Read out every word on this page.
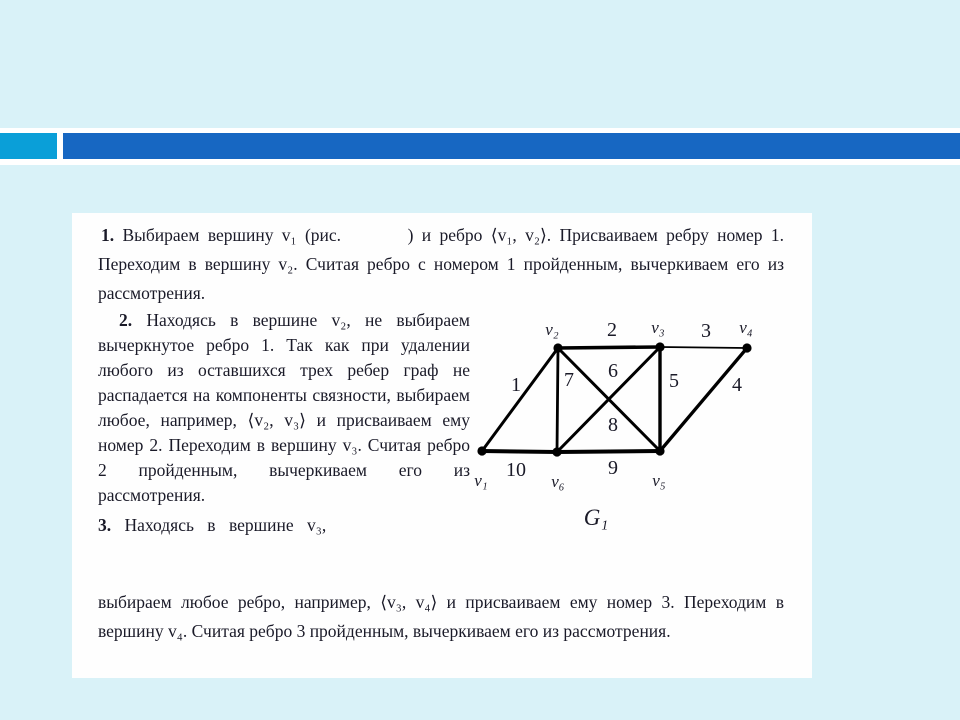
1. Выбираем вершину v₁ (рис.        ) и ребро ⟨v₁, v₂⟩. Присваиваем ребру номер 1. Переходим в вершину v₂. Считая ребро с номером 1 пройденным, вычеркиваем его из рассмотрения.

2. Находясь в вершине v₂, не выбираем вычеркнутое ребро 1. Так как при удалении любого из оставшихся трех ребер граф не распадается на компоненты связности, выбираем любое, например, ⟨v₂, v₃⟩ и присваиваем ему номер 2. Переходим в вершину v₃. Считая ребро 2 пройденным, вычеркиваем его из рассмотрения.

3. Находясь в вершине v₃,

1
2	3
4
5
6
7
8
9
10
v₁
v₂	v₃	v₄
v₅
v₆
G₁

выбираем любое ребро, например, ⟨v₃, v₄⟩ и присваиваем ему номер 3. Переходим в вершину v₄. Считая ребро 3 пройденным, вычеркиваем его из рассмотрения.
